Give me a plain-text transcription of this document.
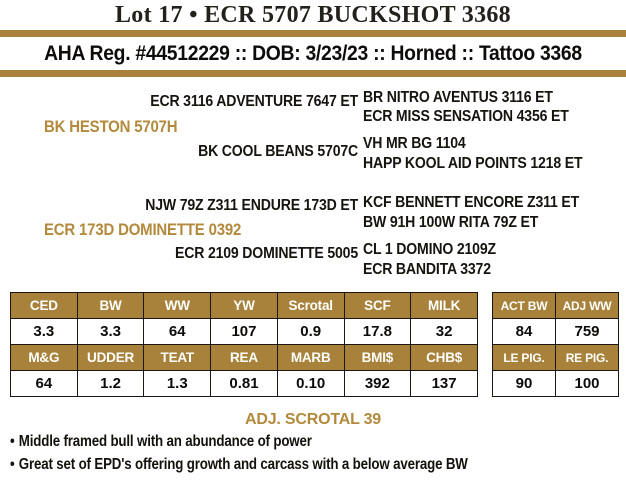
Lot 17 • ECR 5707 BUCKSHOT 3368
AHA Reg. #44512229 :: DOB: 3/23/23 :: Horned :: Tattoo 3368
ECR 3116 ADVENTURE 7647 ET
BK HESTON 5707H
BK COOL BEANS 5707C
BR NITRO AVENTUS 3116 ET
ECR MISS SENSATION 4356 ET
VH MR BG 1104
HAPP KOOL AID POINTS 1218 ET
NJW 79Z Z311 ENDURE 173D ET
ECR 173D DOMINETTE 0392
ECR 2109 DOMINETTE 5005
KCF BENNETT ENCORE Z311 ET
BW 91H 100W RITA 79Z ET
CL 1 DOMINO 2109Z
ECR BANDITA 3372
CED	BW	WW	YW	Scrotal	SCF	MILK
3.3	3.3	64	107	0.9	17.8	32
M&G	UDDER	TEAT	REA	MARB	BMI$	CHB$
64	1.2	1.3	0.81	0.10	392	137
ACT BW	ADJ WW
84	759
LE PIG.	RE PIG.
90	100
ADJ. SCROTAL 39
• Middle framed bull with an abundance of power
• Great set of EPD's offering growth and carcass with a below average BW
